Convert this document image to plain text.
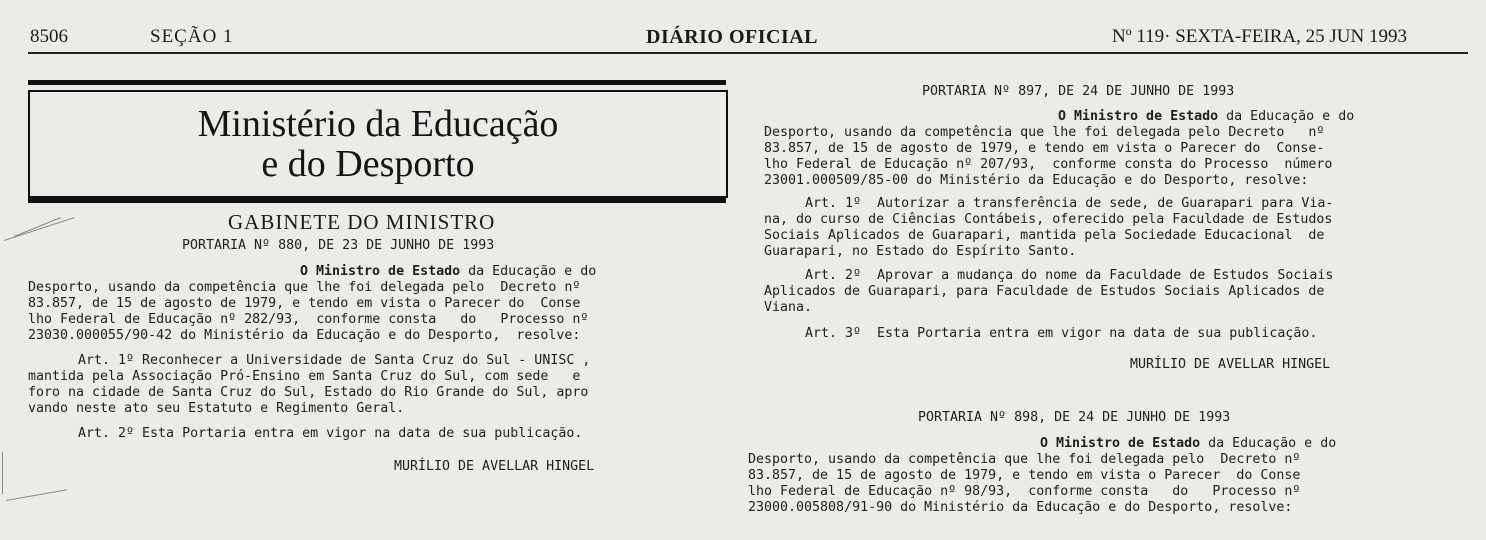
8506	SEÇÃO 1	DIÁRIO OFICIAL	Nº 119· SEXTA-FEIRA, 25 JUN 1993
Ministério da Educação
e do Desporto
GABINETE DO MINISTRO
PORTARIA Nº 880, DE 23 DE JUNHO DE 1993
O Ministro de Estado da Educação e do
Desporto, usando da competência que lhe foi delegada pelo  Decreto nº
83.857, de 15 de agosto de 1979, e tendo em vista o Parecer do  Conse
lho Federal de Educação nº 282/93,  conforme consta   do   Processo nº
23030.000055/90-42 do Ministério da Educação e do Desporto,  resolve:
Art. 1º Reconhecer a Universidade de Santa Cruz do Sul - UNISC ,
mantida pela Associação Pró-Ensino em Santa Cruz do Sul, com sede   e
foro na cidade de Santa Cruz do Sul, Estado do Rio Grande do Sul, apro
vando neste ato seu Estatuto e Regimento Geral.
Art. 2º Esta Portaria entra em vigor na data de sua publicação.
MURÍLIO DE AVELLAR HINGEL
PORTARIA Nº 897, DE 24 DE JUNHO DE 1993
O Ministro de Estado da Educação e do
Desporto, usando da competência que lhe foi delegada pelo Decreto   nº
83.857, de 15 de agosto de 1979, e tendo em vista o Parecer do  Conse-
lho Federal de Educação nº 207/93,  conforme consta do Processo  número
23001.000509/85-00 do Ministério da Educação e do Desporto, resolve:
Art. 1º  Autorizar a transferência de sede, de Guarapari para Via-
na, do curso de Ciências Contábeis, oferecido pela Faculdade de Estudos
Sociais Aplicados de Guarapari, mantida pela Sociedade Educacional  de
Guarapari, no Estado do Espírito Santo.
Art. 2º  Aprovar a mudança do nome da Faculdade de Estudos Sociais
Aplicados de Guarapari, para Faculdade de Estudos Sociais Aplicados de
Viana.
Art. 3º  Esta Portaria entra em vigor na data de sua publicação.
MURÍLIO DE AVELLAR HINGEL
PORTARIA Nº 898, DE 24 DE JUNHO DE 1993
O Ministro de Estado da Educação e do
Desporto, usando da competência que lhe foi delegada pelo  Decreto nº
83.857, de 15 de agosto de 1979, e tendo em vista o Parecer  do Conse
lho Federal de Educação nº 98/93,  conforme consta   do   Processo nº
23000.005808/91-90 do Ministério da Educação e do Desporto, resolve:
